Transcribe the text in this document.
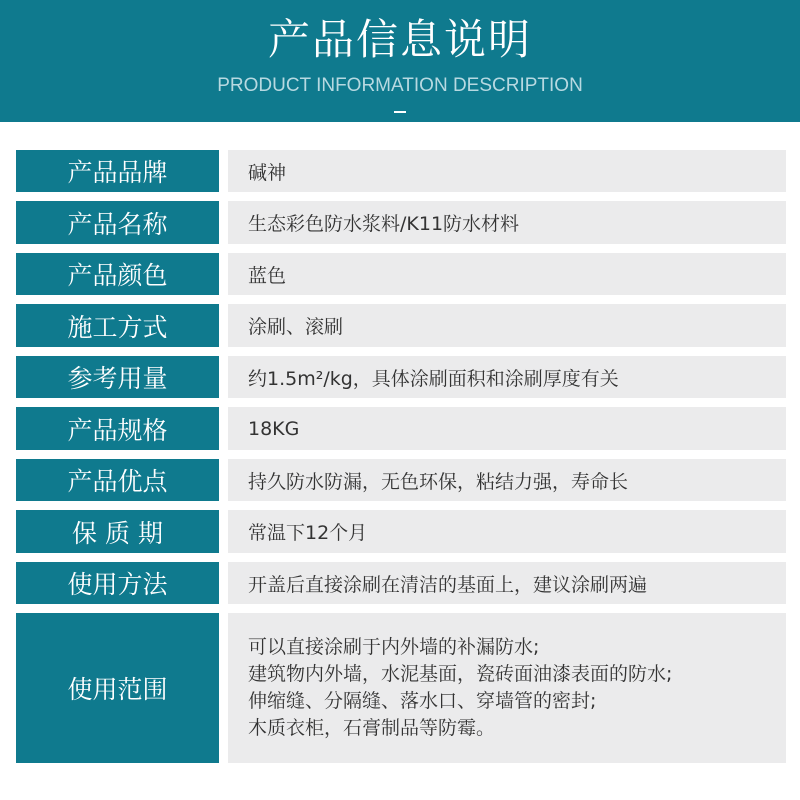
产品信息说明
PRODUCT INFORMATION DESCRIPTION
产品品牌	碱神
产品名称	生态彩色防水浆料/K11防水材料
产品颜色	蓝色
施工方式	涂刷、滚刷
参考用量	约1.5m²/kg，具体涂刷面积和涂刷厚度有关
产品规格	18KG
产品优点	持久防水防漏，无色环保，粘结力强，寿命长
保 质 期	常温下12个月
使用方法	开盖后直接涂刷在清洁的基面上，建议涂刷两遍
使用范围
可以直接涂刷于内外墙的补漏防水;
建筑物内外墙，水泥基面，瓷砖面油漆表面的防水;
伸缩缝、分隔缝、落水口、穿墙管的密封;
木质衣柜，石膏制品等防霉。
